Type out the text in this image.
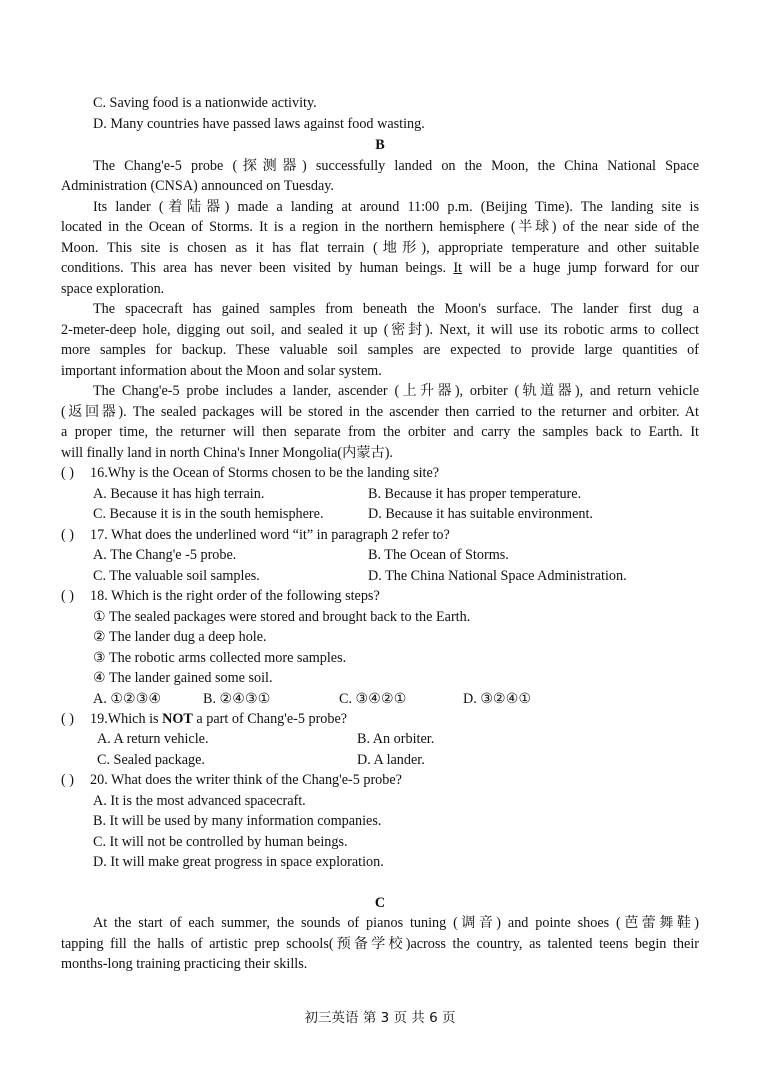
C. Saving food is a nationwide activity.
D. Many countries have passed laws against food wasting.
B
The Chang'e-5 probe (探测器) successfully landed on the Moon, the China National Space
Administration (CNSA) announced on Tuesday.
Its lander (着陆器) made a landing at around 11:00 p.m. (Beijing Time). The landing site is
located in the Ocean of Storms. It is a region in the northern hemisphere (半球) of the near side of the
Moon. This site is chosen as it has flat terrain (地形), appropriate temperature and other suitable
conditions. This area has never been visited by human beings. It will be a huge jump forward for our
space exploration.
The spacecraft has gained samples from beneath the Moon's surface. The lander first dug a
2-meter-deep hole, digging out soil, and sealed it up (密封). Next, it will use its robotic arms to collect
more samples for backup. These valuable soil samples are expected to provide large quantities of
important information about the Moon and solar system.
The Chang'e-5 probe includes a lander, ascender (上升器), orbiter (轨道器), and return vehicle
(返回器). The sealed packages will be stored in the ascender then carried to the returner and orbiter. At
a proper time, the returner will then separate from the orbiter and carry the samples back to Earth. It
will finally land in north China's Inner Mongolia(内蒙古).
( ) 16.Why is the Ocean of Storms chosen to be the landing site?
A. Because it has high terrain.	B. Because it has proper temperature.
C. Because it is in the south hemisphere.	D. Because it has suitable environment.
( ) 17. What does the underlined word “it” in paragraph 2 refer to?
A. The Chang'e -5 probe.	B. The Ocean of Storms.
C. The valuable soil samples.	D. The China National Space Administration.
( ) 18. Which is the right order of the following steps?
① The sealed packages were stored and brought back to the Earth.
② The lander dug a deep hole.
③ The robotic arms collected more samples.
④ The lander gained some soil.
A. ①②③④	B. ②④③①	C. ③④②①	D. ③②④①
( ) 19.Which is NOT a part of Chang'e-5 probe?
A. A return vehicle.	B. An orbiter.
C. Sealed package.	D. A lander.
( ) 20. What does the writer think of the Chang'e-5 probe?
A. It is the most advanced spacecraft.
B. It will be used by many information companies.
C. It will not be controlled by human beings.
D. It will make great progress in space exploration.
C
At the start of each summer, the sounds of pianos tuning (调音) and pointe shoes (芭蕾舞鞋)
tapping fill the halls of artistic prep schools(预备学校)across the country, as talented teens begin their
months-long training practicing their skills.
初三英语 第 3 页 共 6 页
